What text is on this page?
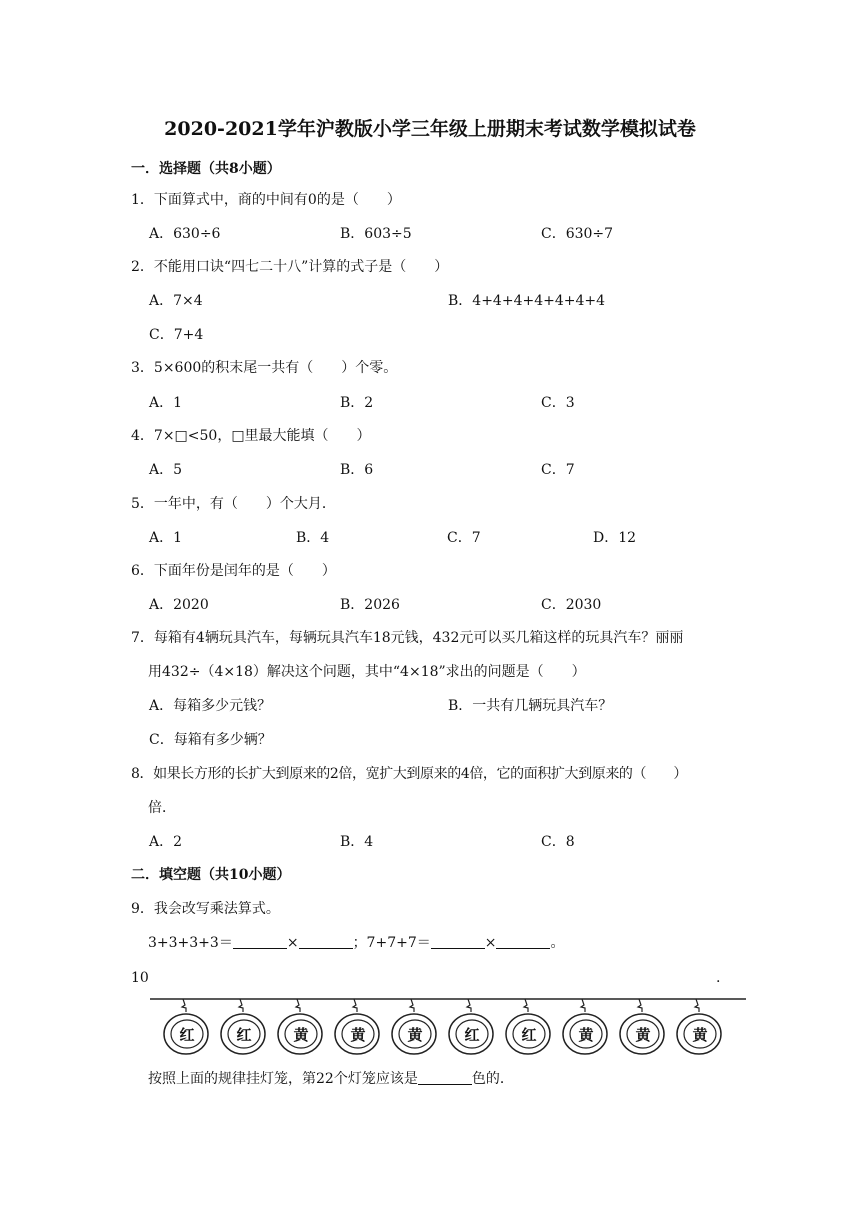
2020-2021学年沪教版小学三年级上册期末考试数学模拟试卷
一．选择题（共8小题）
1．下面算式中，商的中间有0的是（　　）
A．630÷6	B．603÷5	C．630÷7
2．不能用口诀“四七二十八”计算的式子是（　　）
A．7×4	B．4+4+4+4+4+4+4
C．7+4
3．5×600的积末尾一共有（　　）个零。
A．1	B．2	C．3
4．7×□<50，□里最大能填（　　）
A．5	B．6	C．7
5．一年中，有（　　）个大月．
A．1	B．4	C．7	D．12
6．下面年份是闰年的是（　　）
A．2020	B．2026	C．2030
7．每箱有4辆玩具汽车，每辆玩具汽车18元钱，432元可以买几箱这样的玩具汽车？丽丽
用432÷（4×18）解决这个问题，其中“4×18”求出的问题是（　　）
A．每箱多少元钱？	B．一共有几辆玩具汽车？
C．每箱有多少辆？
8．如果长方形的长扩大到原来的2倍，宽扩大到原来的4倍，它的面积扩大到原来的（　　）
倍．
A．2	B．4	C．8
二．填空题（共10小题）
9．我会改写乘法算式。
3+3+3+3＝	×	；7+7+7＝	×	。
10	.
红	红	黄	黄	黄	红	红	黄	黄	黄
按照上面的规律挂灯笼，第22个灯笼应该是	色的．
